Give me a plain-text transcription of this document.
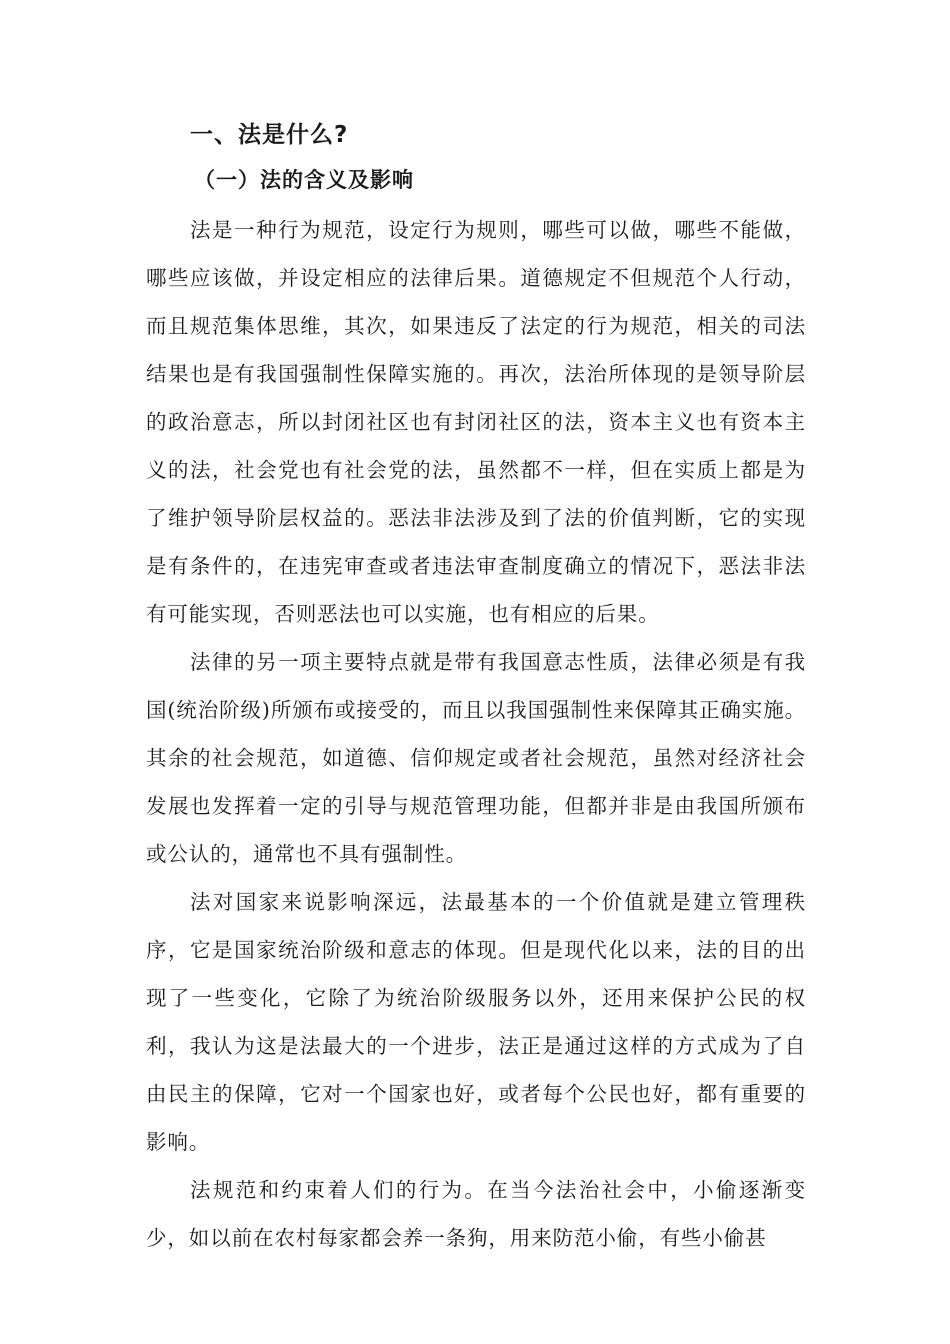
一、法是什么?
（一）法的含义及影响

法是一种行为规范，设定行为规则，哪些可以做，哪些不能做，哪些应该做，并设定相应的法律后果。道德规定不但规范个人行动，而且规范集体思维，其次，如果违反了法定的行为规范，相关的司法结果也是有我国强制性保障实施的。再次，法治所体现的是领导阶层的政治意志，所以封闭社区也有封闭社区的法，资本主义也有资本主义的法，社会党也有社会党的法，虽然都不一样，但在实质上都是为了维护领导阶层权益的。恶法非法涉及到了法的价值判断，它的实现是有条件的，在违宪审查或者违法审查制度确立的情况下，恶法非法有可能实现，否则恶法也可以实施，也有相应的后果。

法律的另一项主要特点就是带有我国意志性质，法律必须是有我国(统治阶级)所颁布或接受的，而且以我国强制性来保障其正确实施。其余的社会规范，如道德、信仰规定或者社会规范，虽然对经济社会发展也发挥着一定的引导与规范管理功能，但都并非是由我国所颁布或公认的，通常也不具有强制性。

法对国家来说影响深远，法最基本的一个价值就是建立管理秩序，它是国家统治阶级和意志的体现。但是现代化以来，法的目的出现了一些变化，它除了为统治阶级服务以外，还用来保护公民的权利，我认为这是法最大的一个进步，法正是通过这样的方式成为了自由民主的保障，它对一个国家也好，或者每个公民也好，都有重要的影响。

法规范和约束着人们的行为。在当今法治社会中，小偷逐渐变少，如以前在农村每家都会养一条狗，用来防范小偷，有些小偷甚
